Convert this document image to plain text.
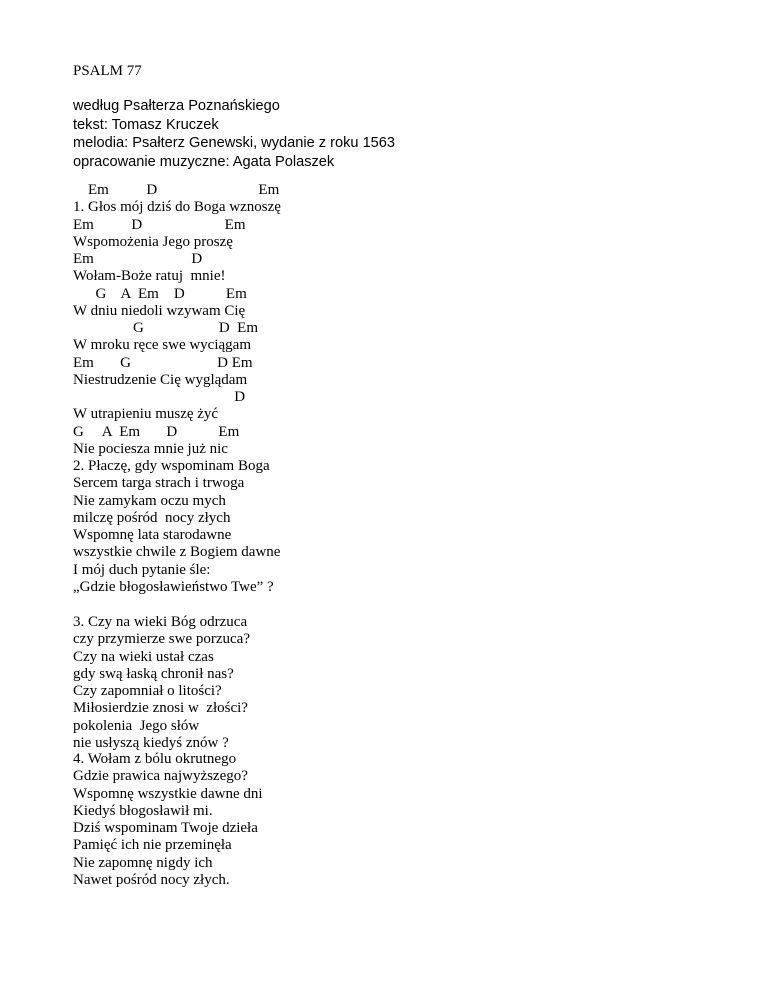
PSALM 77
według Psałterza Poznańskiego
tekst: Tomasz Kruczek
melodia: Psałterz Genewski, wydanie z roku 1563
opracowanie muzyczne: Agata Polaszek
Em          D                           Em
1. Głos mój dziś do Boga wznoszę
Em          D                      Em
Wspomożenia Jego proszę
Em                          D
Wołam-Boże ratuj  mnie!
G    A  Em    D           Em
W dniu niedoli wzywam Cię
G                    D  Em
W mroku ręce swe wyciągam
Em       G                       D Em
Niestrudzenie Cię wyglądam
D
W utrapieniu muszę żyć
G     A  Em       D           Em
Nie pociesza mnie już nic
2. Płaczę, gdy wspominam Boga
Sercem targa strach i trwoga
Nie zamykam oczu mych
milczę pośród  nocy złych
Wspomnę lata starodawne
wszystkie chwile z Bogiem dawne
I mój duch pytanie śle:
„Gdzie błogosławieństwo Twe” ?
3. Czy na wieki Bóg odrzuca
czy przymierze swe porzuca?
Czy na wieki ustał czas
gdy swą łaską chronił nas?
Czy zapomniał o litości?
Miłosierdzie znosi w  złości?
pokolenia  Jego słów
nie usłyszą kiedyś znów ?
4. Wołam z bólu okrutnego
Gdzie prawica najwyższego?
Wspomnę wszystkie dawne dni
Kiedyś błogosławił mi.
Dziś wspominam Twoje dzieła
Pamięć ich nie przeminęła
Nie zapomnę nigdy ich
Nawet pośród nocy złych.
